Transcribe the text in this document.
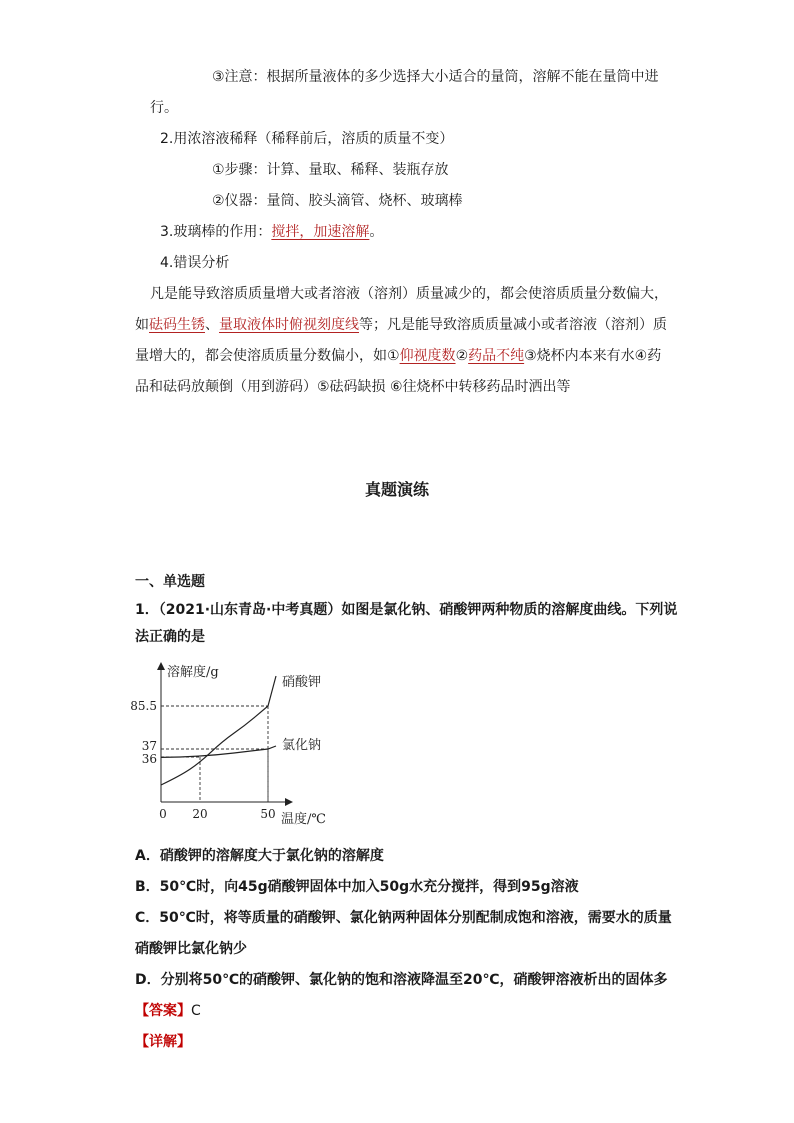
③注意：根据所量液体的多少选择大小适合的量筒，溶解不能在量筒中进
行。
2.用浓溶液稀释（稀释前后，溶质的质量不变）
①步骤：计算、量取、稀释、装瓶存放
②仪器：量筒、胶头滴管、烧杯、玻璃棒
3.玻璃棒的作用：搅拌，加速溶解。
4.错误分析
凡是能导致溶质质量增大或者溶液（溶剂）质量减少的，都会使溶质质量分数偏大，
如砝码生锈、量取液体时俯视刻度线等；凡是能导致溶质质量减小或者溶液（溶剂）质
量增大的，都会使溶质质量分数偏小，如①仰视度数②药品不纯③烧杯内本来有水④药
品和砝码放颠倒（用到游码）⑤砝码缺损 ⑥往烧杯中转移药品时洒出等
真题演练
一、单选题
1．（2021·山东青岛·中考真题）如图是氯化钠、硝酸钾两种物质的溶解度曲线。下列说
法正确的是
溶解度/g
温度/℃
85.5
37
36
0 20	50
硝酸钾
氯化钠
A．硝酸钾的溶解度大于氯化钠的溶解度
B．50℃时，向45g硝酸钾固体中加入50g水充分搅拌，得到95g溶液
C．50℃时，将等质量的硝酸钾、氯化钠两种固体分别配制成饱和溶液，需要水的质量
硝酸钾比氯化钠少
D．分别将50℃的硝酸钾、氯化钠的饱和溶液降温至20℃，硝酸钾溶液析出的固体多
【答案】C
【详解】
